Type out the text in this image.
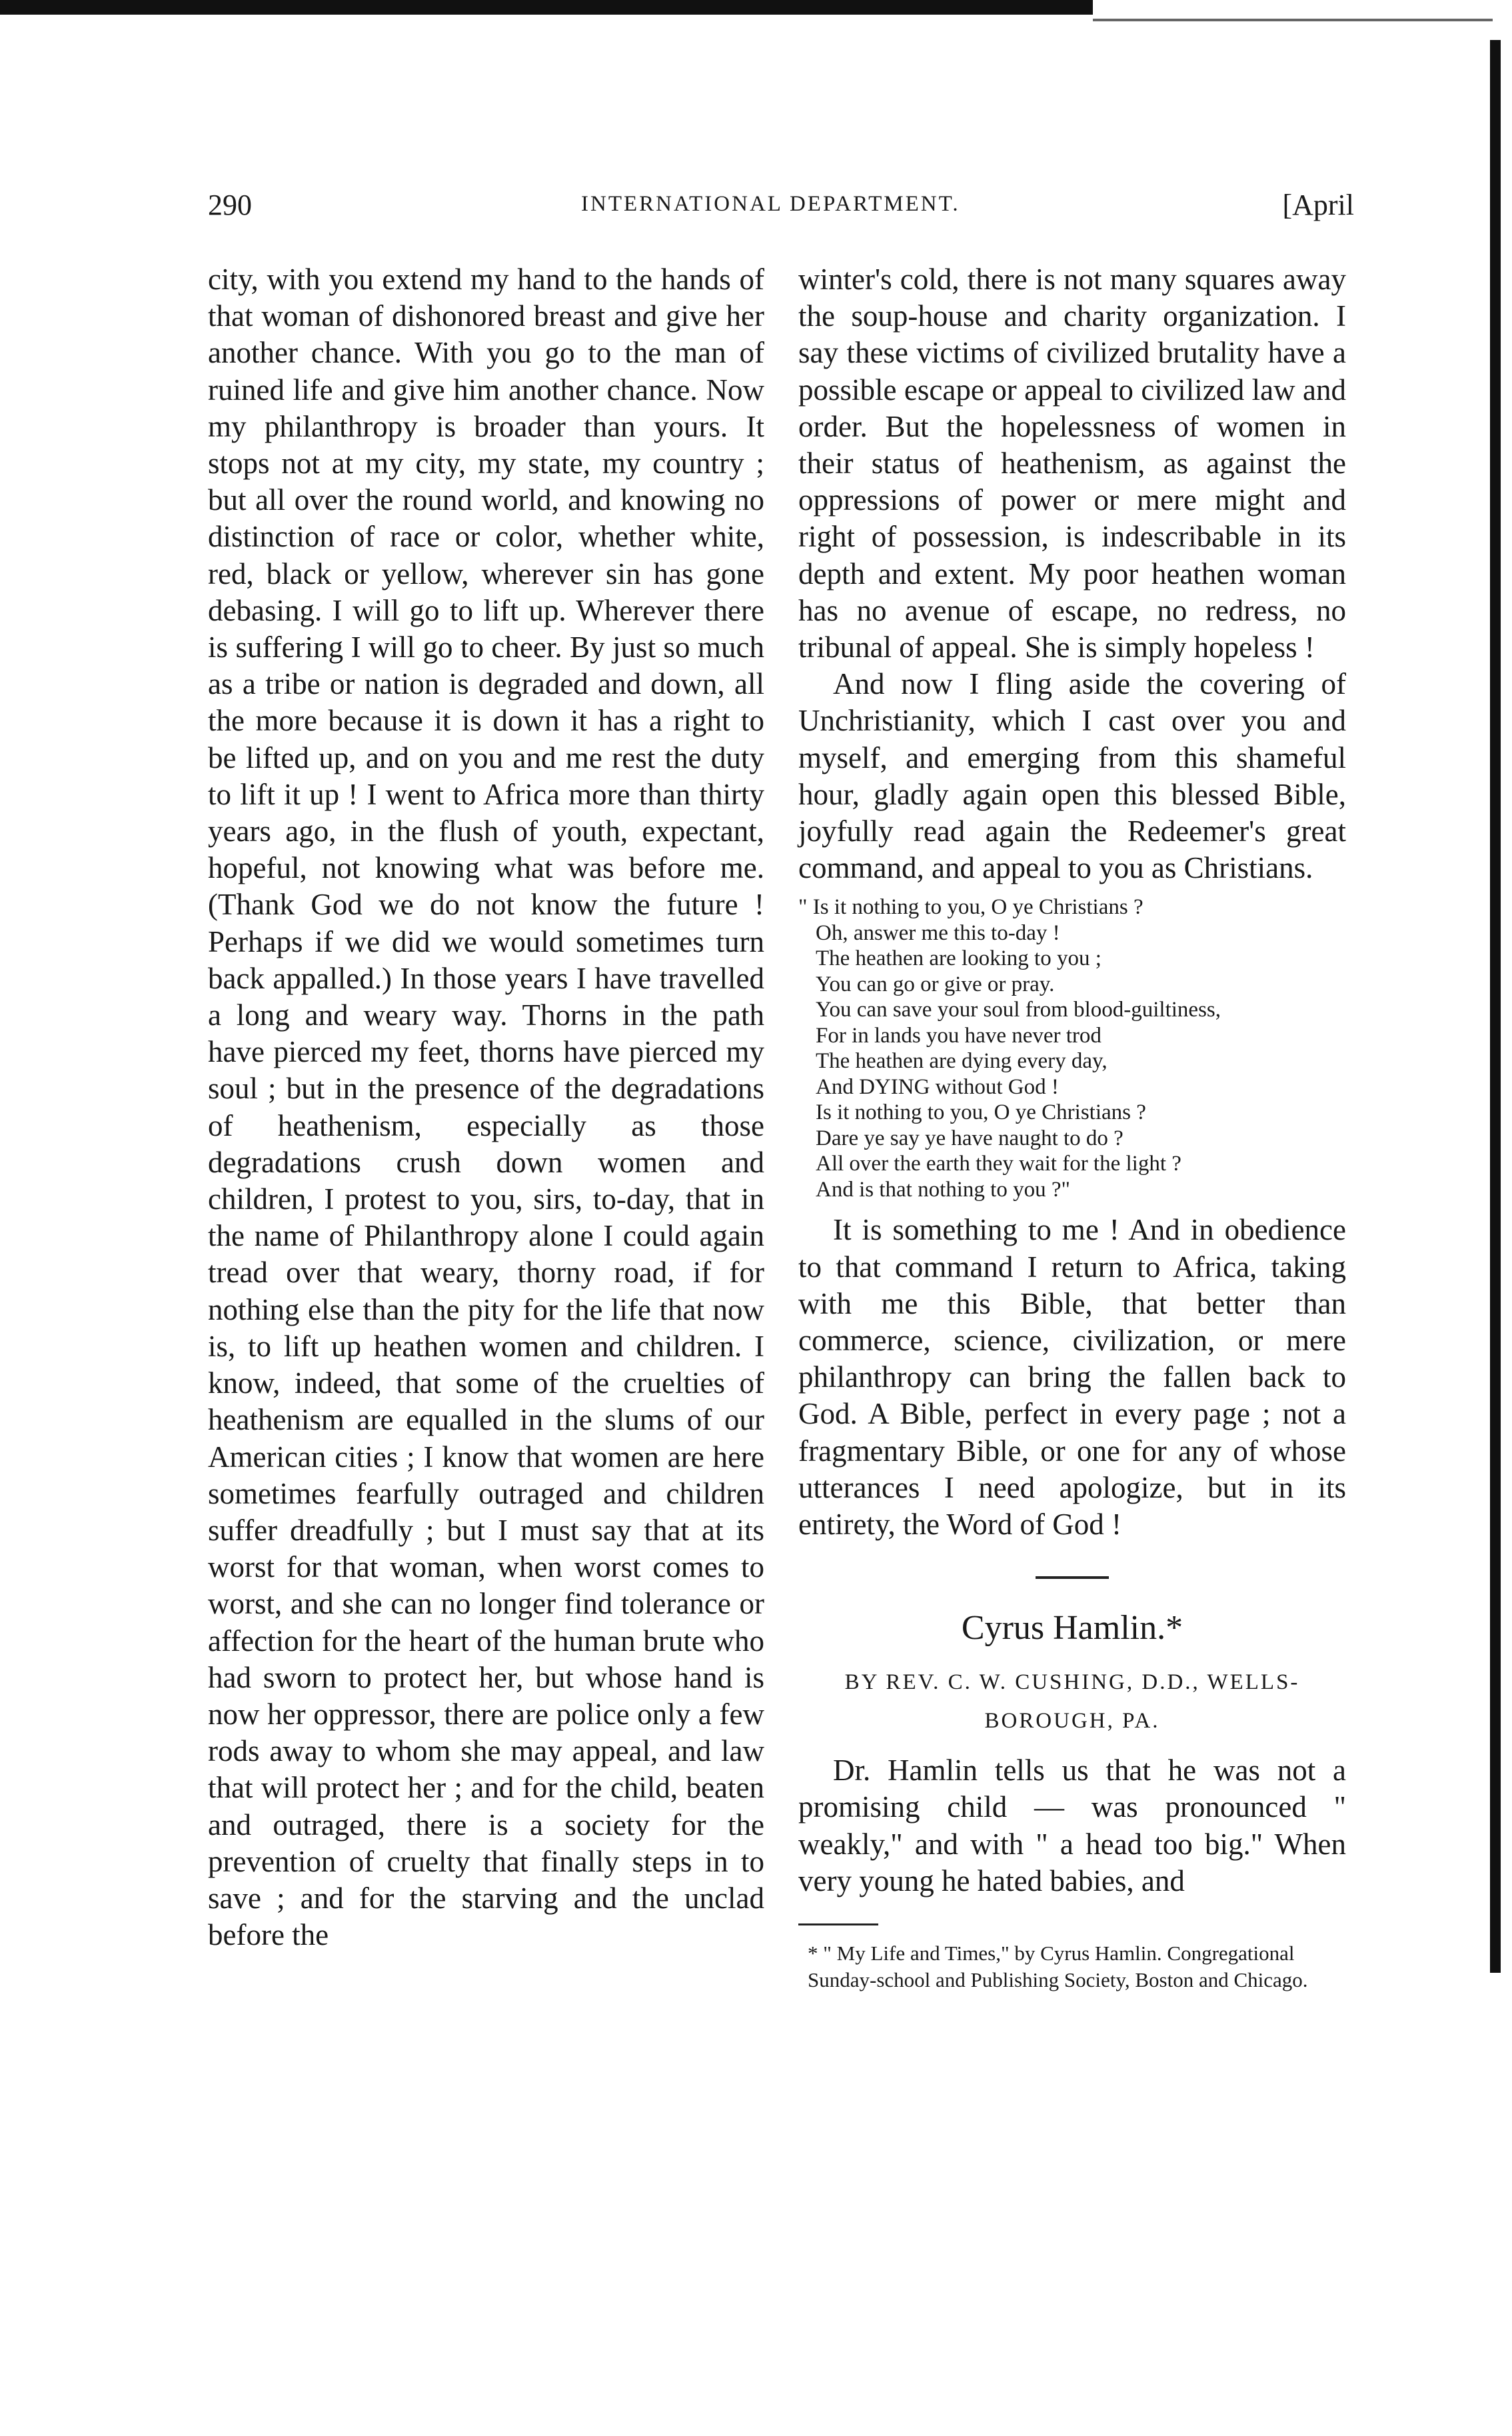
290	INTERNATIONAL DEPARTMENT.	[April

city, with you extend my hand to the hands of that woman of dishonored breast and give her another chance. With you go to the man of ruined life and give him another chance. Now my philanthropy is broader than yours. It stops not at my city, my state, my country ; but all over the round world, and knowing no distinction of race or color, whether white, red, black or yellow, wherever sin has gone debasing. I will go to lift up. Wherever there is suffering I will go to cheer. By just so much as a tribe or nation is degraded and down, all the more because it is down it has a right to be lifted up, and on you and me rest the duty to lift it up ! I went to Africa more than thirty years ago, in the flush of youth, expectant, hopeful, not knowing what was before me. (Thank God we do not know the future ! Perhaps if we did we would sometimes turn back appalled.) In those years I have travelled a long and weary way. Thorns in the path have pierced my feet, thorns have pierced my soul ; but in the presence of the degradations of heathenism, especially as those degradations crush down women and children, I protest to you, sirs, to-day, that in the name of Philanthropy alone I could again tread over that weary, thorny road, if for nothing else than the pity for the life that now is, to lift up heathen women and children. I know, indeed, that some of the cruelties of heathenism are equalled in the slums of our American cities ; I know that women are here sometimes fearfully outraged and children suffer dreadfully ; but I must say that at its worst for that woman, when worst comes to worst, and she can no longer find tolerance or affection for the heart of the human brute who had sworn to protect her, but whose hand is now her oppressor, there are police only a few rods away to whom she may appeal, and law that will protect her ; and for the child, beaten and outraged, there is a society for the prevention of cruelty that finally steps in to save ; and for the starving and the unclad before the

winter's cold, there is not many squares away the soup-house and charity organization. I say these victims of civilized brutality have a possible escape or appeal to civilized law and order. But the hopelessness of women in their status of heathenism, as against the oppressions of power or mere might and right of possession, is indescribable in its depth and extent. My poor heathen woman has no avenue of escape, no redress, no tribunal of appeal. She is simply hopeless !

And now I fling aside the covering of Unchristianity, which I cast over you and myself, and emerging from this shameful hour, gladly again open this blessed Bible, joyfully read again the Redeemer's great command, and appeal to you as Christians.

" Is it nothing to you, O ye Christians ?
Oh, answer me this to-day !
The heathen are looking to you ;
You can go or give or pray.
You can save your soul from blood-guiltiness,
For in lands you have never trod
The heathen are dying every day,
And DYING without God !
Is it nothing to you, O ye Christians ?
Dare ye say ye have naught to do ?
All over the earth they wait for the light ?
And is that nothing to you ?"

It is something to me ! And in obedience to that command I return to Africa, taking with me this Bible, that better than commerce, science, civilization, or mere philanthropy can bring the fallen back to God. A Bible, perfect in every page ; not a fragmentary Bible, or one for any of whose utterances I need apologize, but in its entirety, the Word of God !

Cyrus Hamlin.*
BY REV. C. W. CUSHING, D.D., WELLS-
BOROUGH, PA.

Dr. Hamlin tells us that he was not a promising child — was pronounced " weakly," and with " a head too big." When very young he hated babies, and

* " My Life and Times," by Cyrus Hamlin. Congregational Sunday-school and Publishing Society, Boston and Chicago.
